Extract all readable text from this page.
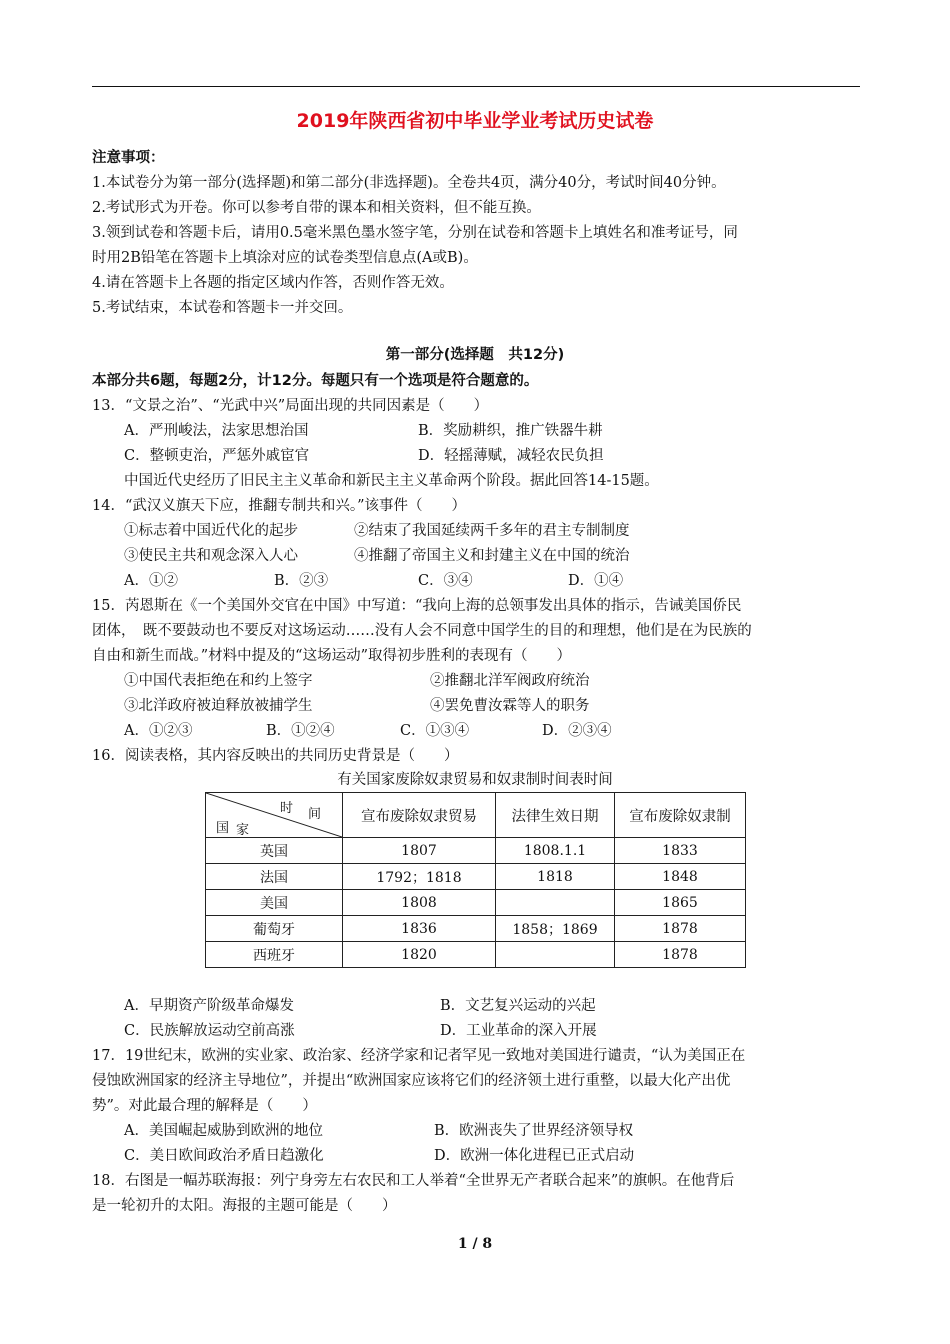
2019年陕西省初中毕业学业考试历史试卷
注意事项：
1.本试卷分为第一部分(选择题)和第二部分(非选择题)。全卷共4页，满分40分，考试时间40分钟。
2.考试形式为开卷。你可以参考自带的课本和相关资料，但不能互换。
3.领到试卷和答题卡后，请用0.5毫米黑色墨水签字笔，分别在试卷和答题卡上填姓名和准考证号，同
时用2B铅笔在答题卡上填涂对应的试卷类型信息点(A或B)。
4.请在答题卡上各题的指定区域内作答，否则作答无效。
5.考试结束，本试卷和答题卡一并交回。
第一部分(选择题　共12分)
本部分共6题，每题2分，计12分。每题只有一个选项是符合题意的。
13．“文景之治”、“光武中兴”局面出现的共同因素是（　　）
A．严刑峻法，法家思想治国	B．奖励耕织，推广铁器牛耕
C．整顿吏治，严惩外戚宦官	D．轻摇薄赋，减轻农民负担
中国近代史经历了旧民主主义革命和新民主主义革命两个阶段。据此回答14-15题。
14．“武汉义旗天下应，推翻专制共和兴。”该事件（　　）
①标志着中国近代化的起步	②结束了我国延续两千多年的君主专制制度
③使民主共和观念深入人心	④推翻了帝国主义和封建主义在中国的统治
A．①②	B．②③	C．③④	D．①④
15．芮恩斯在《一个美国外交官在中国》中写道：“我向上海的总领事发出具体的指示，告诫美国侨民
团体，　既不要鼓动也不要反对这场运动……没有人会不同意中国学生的目的和理想，他们是在为民族的
自由和新生而战。”材料中提及的“这场运动”取得初步胜利的表现有（　　）
①中国代表拒绝在和约上签字	②推翻北洋军阀政府统治
③北洋政府被迫释放被捕学生	④罢免曹汝霖等人的职务
A．①②③	B．①②④	C．①③④	D．②③④
16．阅读表格，其内容反映出的共同历史背景是（　　）
有关国家废除奴隶贸易和奴隶制时间表时间
时 间
国 家	宣布废除奴隶贸易	法律生效日期	宣布废除奴隶制
英国	1807	1808.1.1	1833
法国	1792；1818	1818	1848
美国	1808		1865
葡萄牙	1836	1858；1869	1878
西班牙	1820		1878
A．早期资产阶级革命爆发	B．文艺复兴运动的兴起
C．民族解放运动空前高涨	D．工业革命的深入开展
17．19世纪末，欧洲的实业家、政治家、经济学家和记者罕见一致地对美国进行谴责，“认为美国正在
侵蚀欧洲国家的经济主导地位”，并提出“欧洲国家应该将它们的经济领土进行重整，以最大化产出优
势”。对此最合理的解释是（　　）
A．美国崛起威胁到欧洲的地位	B．欧洲丧失了世界经济领导权
C．美日欧间政治矛盾日趋激化	D．欧洲一体化进程已正式启动
18．右图是一幅苏联海报：列宁身旁左右农民和工人举着“全世界无产者联合起来”的旗帜。在他背后
是一轮初升的太阳。海报的主题可能是（　　）
1 / 8
